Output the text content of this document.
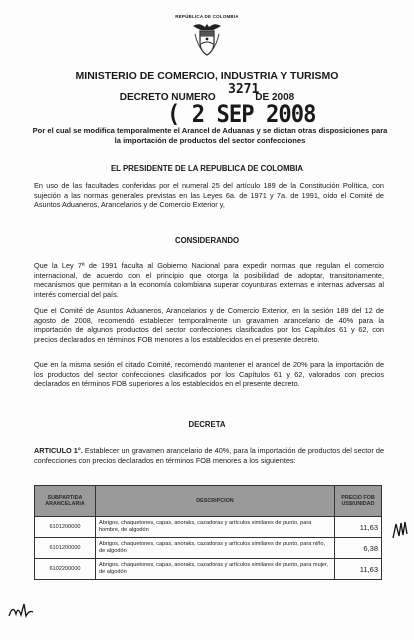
REPÚBLICA DE COLOMBIA
MINISTERIO DE COMERCIO, INDUSTRIA Y TURISMO
DECRETO NUMERO	DE 2008
3271
( 2 SEP 2008
Por el cual se modifica temporalmente el Arancel de Aduanas y se dictan otras disposiciones para la importación de productos del sector confecciones
EL PRESIDENTE DE LA REPUBLICA DE COLOMBIA
En uso de las facultades conferidas por el numeral 25 del artículo 189 de la Constitución Política, con sujeción a las normas generales previstas en las Leyes 6a. de 1971 y 7a. de 1991, oído el Comité de Asuntos Aduaneros, Arancelarios y de Comercio Exterior y,
CONSIDERANDO
Que la Ley 7ª de 1991 faculta al Gobierno Nacional para expedir normas que regulan el comercio internacional, de acuerdo con el principio que otorga la posibilidad de adoptar, transitoriamente, mecanismos que permitan a la economía colombiana superar coyunturas externas e internas adversas al interés comercial del país.
Que el Comité de Asuntos Aduaneros, Arancelarios y de Comercio Exterior, en la sesión 189 del 12 de agosto de 2008, recomendó establecer temporalmente un gravamen arancelario de 40% para la importación de algunos productos del sector confecciones clasificados por los Capítulos 61 y 62, con precios declarados en términos FOB menores a los establecidos en el presente decreto.
Que en la misma sesión el citado Comité, recomendó mantener el arancel de 20% para la importación de los productos del sector confecciones clasificados por los Capítulos 61 y 62, valorados con precios declarados en términos FOB superiores a los establecidos en el presente decreto.
DECRETA
ARTICULO 1°. Establecer un gravamen arancelario de 40%, para la importación de productos del sector de confecciones con precios declarados en términos FOB menores a los siguientes:
SUBPARTIDA ARANCELARIA	DESCRIPCION	PRECIO FOB US$/UNIDAD
6101200000	Abrigos, chaquetones, capas, anoraks, cazadoras y artículos similares de punto, para hombre, de algodón	11,63
6101200000	Abrigos, chaquetones, capas, anoraks, cazadoras y artículos similares de punto, para niño, de algodón	6,38
6102200000	Abrigos, chaquetones, capas, anoraks, cazadoras y artículos similares de punto, para mujer, de algodón	11,63
